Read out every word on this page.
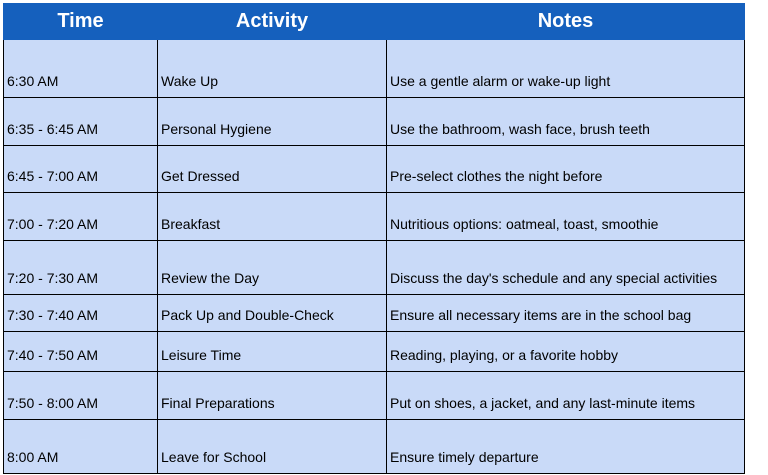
Time	Activity	Notes
6:30 AM	Wake Up	Use a gentle alarm or wake-up light
6:35 - 6:45 AM	Personal Hygiene	Use the bathroom, wash face, brush teeth
6:45 - 7:00 AM	Get Dressed	Pre-select clothes the night before
7:00 - 7:20 AM	Breakfast	Nutritious options: oatmeal, toast, smoothie
7:20 - 7:30 AM	Review the Day	Discuss the day's schedule and any special activities
7:30 - 7:40 AM	Pack Up and Double-Check	Ensure all necessary items are in the school bag
7:40 - 7:50 AM	Leisure Time	Reading, playing, or a favorite hobby
7:50 - 8:00 AM	Final Preparations	Put on shoes, a jacket, and any last-minute items
8:00 AM	Leave for School	Ensure timely departure
